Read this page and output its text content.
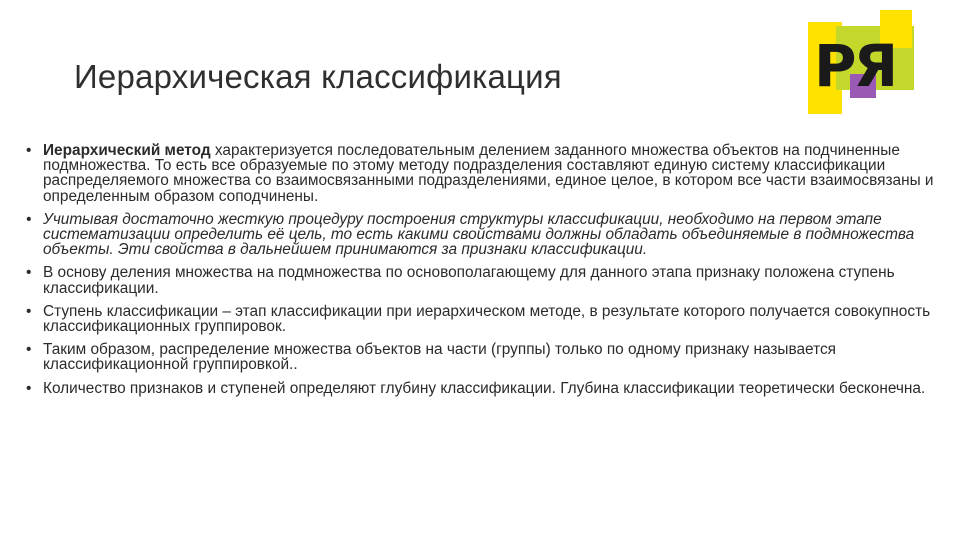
Иерархическая классификация	РЯ
• Иерархический метод характеризуется последовательным делением заданного множества объектов на подчиненные подмножества. То есть все образуемые по этому методу подразделения составляют единую систему классификации распределяемого множества со взаимосвязанными подразделениями, единое целое, в котором все части взаимосвязаны и определенным образом соподчинены.
• Учитывая достаточно жесткую процедуру построения структуры классификации, необходимо на первом этапе систематизации определить её цель, то есть какими свойствами должны обладать объединяемые в подмножества объекты. Эти свойства в дальнейшем принимаются за признаки классификации.
• В основу деления множества на подмножества по основополагающему для данного этапа признаку положена ступень классификации.
• Ступень классификации – этап классификации при иерархическом методе, в результате которого получается совокупность классификационных группировок.
• Таким образом, распределение множества объектов на части (группы) только по одному признаку называется классификационной группировкой..
• Количество признаков и ступеней определяют глубину классификации. Глубина классификации теоретически бесконечна.
